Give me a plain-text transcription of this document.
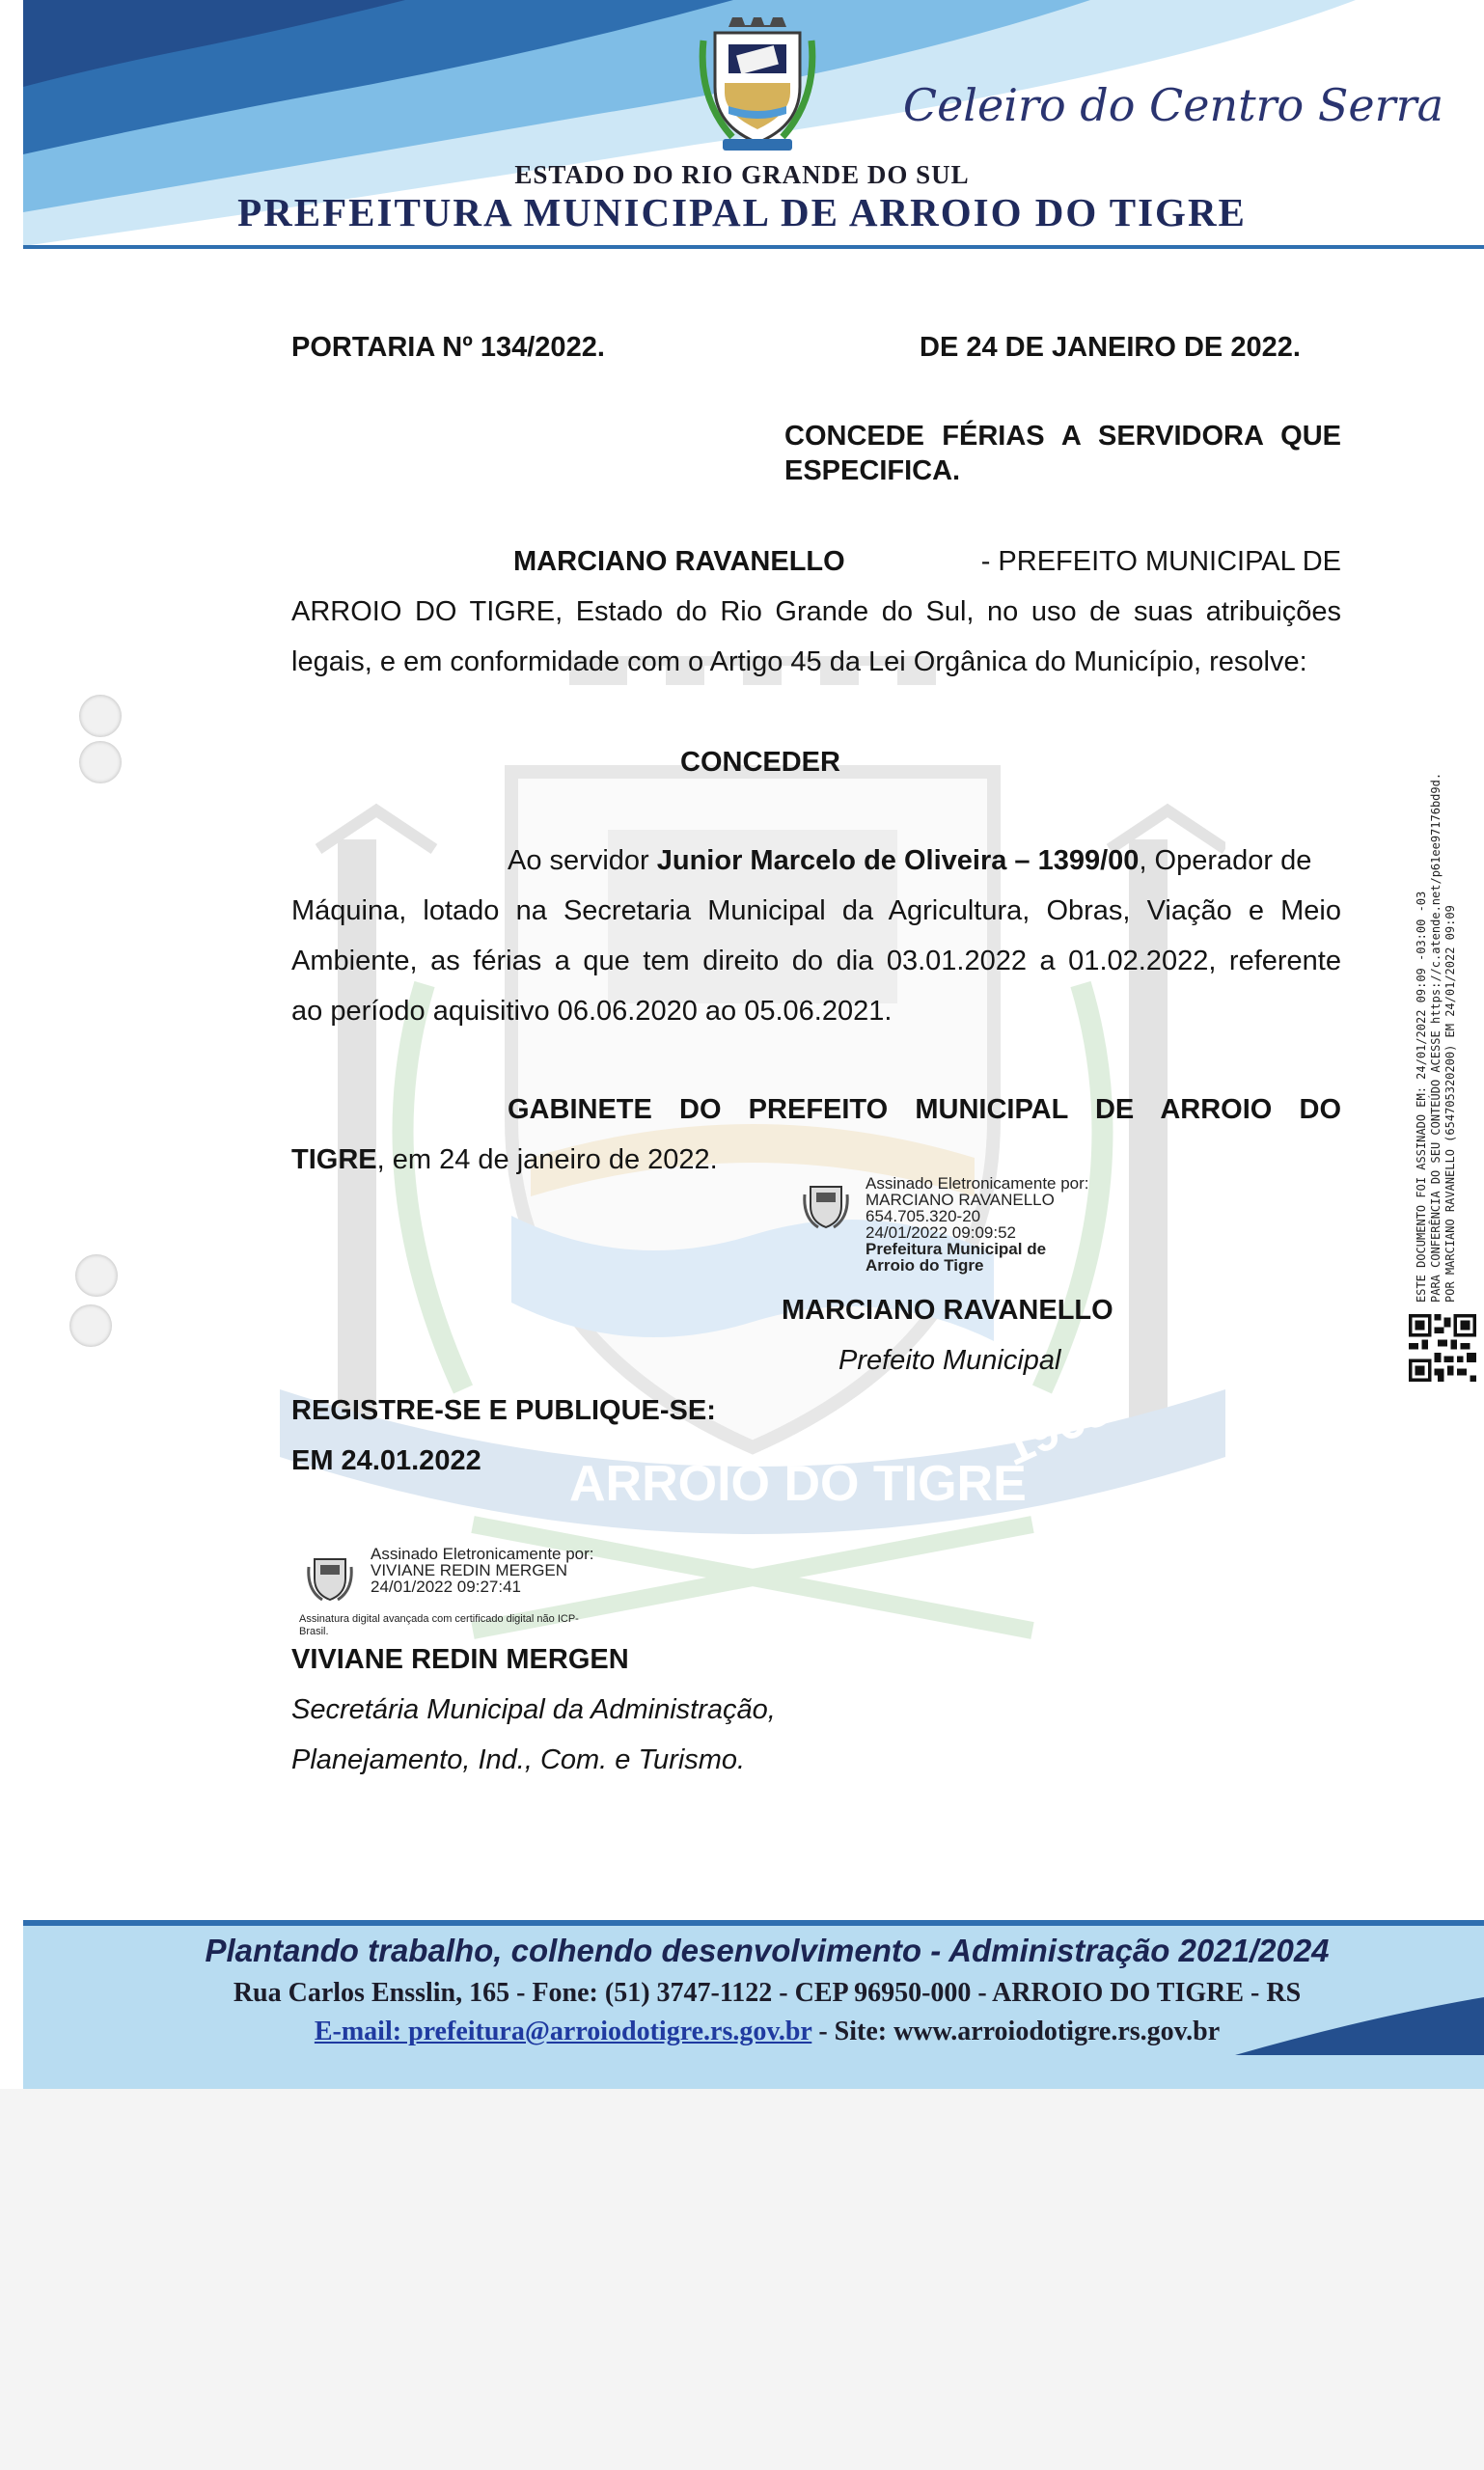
Celeiro do Centro Serra
ESTADO DO RIO GRANDE DO SUL
PREFEITURA MUNICIPAL DE ARROIO DO TIGRE
ARROIO DO TIGRE
1963
PORTARIA Nº 134/2022.	DE 24 DE JANEIRO DE 2022.
CONCEDE FÉRIAS A SERVIDORA QUE
ESPECIFICA.
MARCIANO RAVANELLO	- PREFEITO MUNICIPAL DE
ARROIO DO TIGRE, Estado do Rio Grande do Sul, no uso de suas atribuições
legais, e em conformidade com o Artigo 45 da Lei Orgânica do Município, resolve:
CONCEDER
Ao servidor Junior Marcelo de Oliveira – 1399/00, Operador de
Máquina, lotado na Secretaria Municipal da Agricultura, Obras, Viação e Meio
Ambiente, as férias a que tem direito do dia 03.01.2022 a 01.02.2022, referente
ao período aquisitivo 06.06.2020 ao 05.06.2021.
GABINETE DO PREFEITO MUNICIPAL DE ARROIO DO
TIGRE, em 24 de janeiro de 2022.
Assinado Eletronicamente por:
MARCIANO RAVANELLO
654.705.320-20
24/01/2022 09:09:52
Prefeitura Municipal de
Arroio do Tigre
MARCIANO RAVANELLO
Prefeito Municipal
REGISTRE-SE E PUBLIQUE-SE:
EM 24.01.2022
Assinado Eletronicamente por:
VIVIANE REDIN MERGEN
24/01/2022 09:27:41
Assinatura digital avançada com certificado digital não ICP-
Brasil.
VIVIANE REDIN MERGEN
Secretária Municipal da Administração,
Planejamento, Ind., Com. e Turismo.
ESTE DOCUMENTO FOI ASSINADO EM: 24/01/2022 09:09 -03:00 -03 PARA CONFERÊNCIA DO SEU CONTEÚDO ACESSE https://c.atende.net/p61ee97176bd9d. POR MARCIANO RAVANELLO (654705320200) EM 24/01/2022 09:09
Plantando trabalho, colhendo desenvolvimento - Administração 2021/2024
Rua Carlos Ensslin, 165 - Fone: (51) 3747-1122 - CEP 96950-000 - ARROIO DO TIGRE - RS
E-mail: prefeitura@arroiodotigre.rs.gov.br - Site: www.arroiodotigre.rs.gov.br
